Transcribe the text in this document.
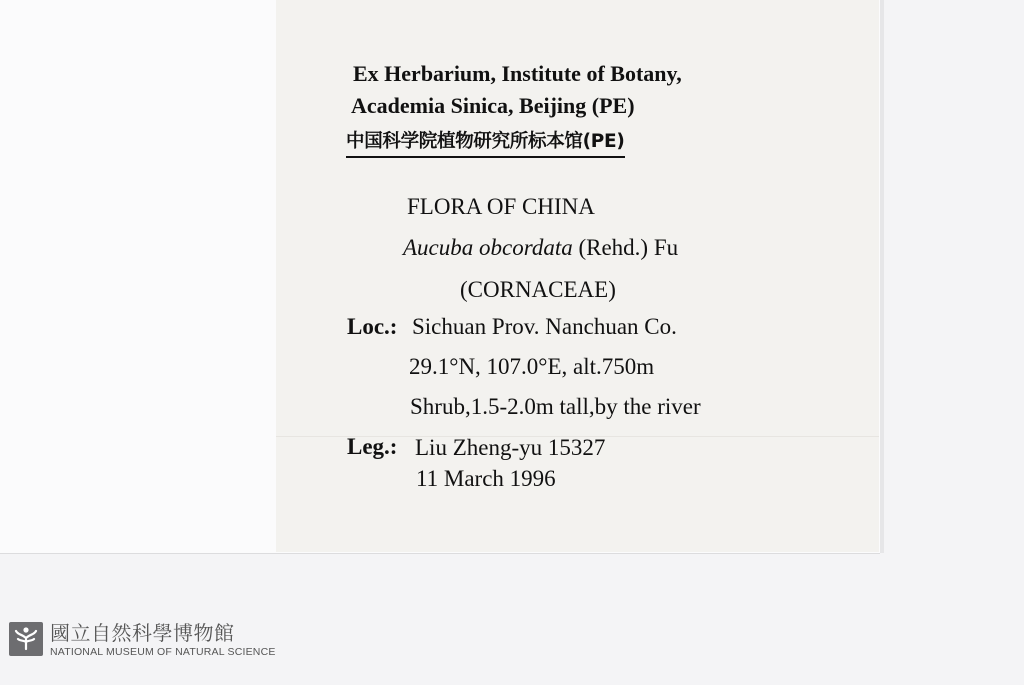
Ex Herbarium, Institute of Botany,

Academia Sinica, Beijing (PE)

中国科学院植物研究所标本馆(PE)

FLORA OF CHINA

Aucuba obcordata (Rehd.) Fu

(CORNACEAE)

Loc.: Sichuan Prov. Nanchuan Co.

29.1°N, 107.0°E, alt.750m

Shrub,1.5-2.0m tall,by the river

Leg.: Liu Zheng-yu 15327

11 March 1996

國立自然科學博物館
NATIONAL MUSEUM OF NATURAL SCIENCE
